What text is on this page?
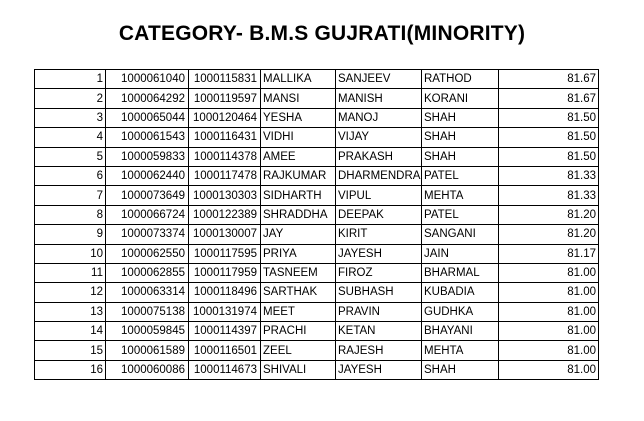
CATEGORY- B.M.S GUJRATI(MINORITY)
1	1000061040	1000115831	MALLIKA	SANJEEV	RATHOD	81.67
2	1000064292	1000119597	MANSI	MANISH	KORANI	81.67
3	1000065044	1000120464	YESHA	MANOJ	SHAH	81.50
4	1000061543	1000116431	VIDHI	VIJAY	SHAH	81.50
5	1000059833	1000114378	AMEE	PRAKASH	SHAH	81.50
6	1000062440	1000117478	RAJKUMAR	DHARMENDRA	PATEL	81.33
7	1000073649	1000130303	SIDHARTH	VIPUL	MEHTA	81.33
8	1000066724	1000122389	SHRADDHA	DEEPAK	PATEL	81.20
9	1000073374	1000130007	JAY	KIRIT	SANGANI	81.20
10	1000062550	1000117595	PRIYA	JAYESH	JAIN	81.17
11	1000062855	1000117959	TASNEEM	FIROZ	BHARMAL	81.00
12	1000063314	1000118496	SARTHAK	SUBHASH	KUBADIA	81.00
13	1000075138	1000131974	MEET	PRAVIN	GUDHKA	81.00
14	1000059845	1000114397	PRACHI	KETAN	BHAYANI	81.00
15	1000061589	1000116501	ZEEL	RAJESH	MEHTA	81.00
16	1000060086	1000114673	SHIVALI	JAYESH	SHAH	81.00
